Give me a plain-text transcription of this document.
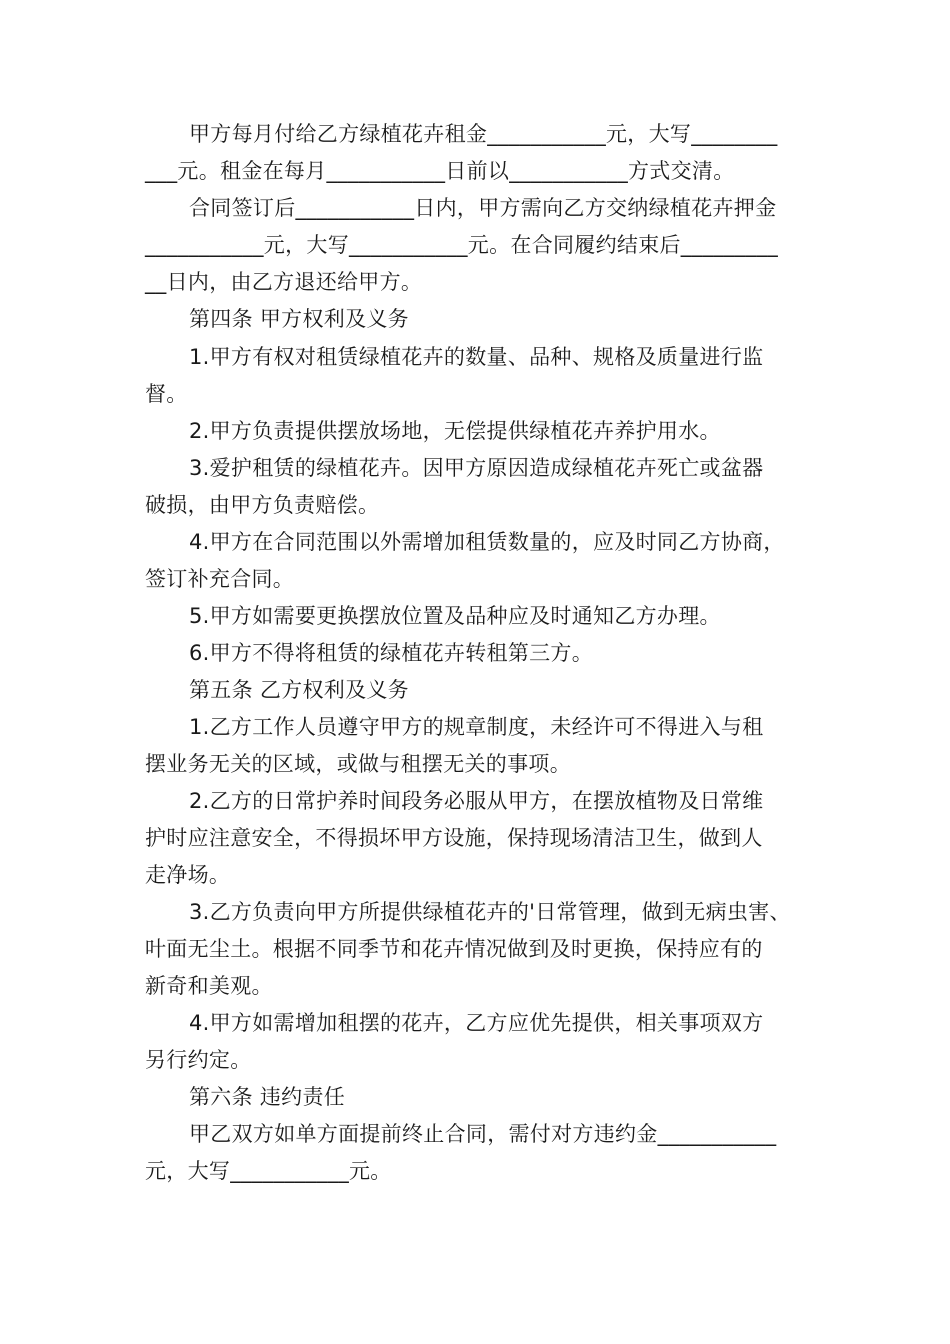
甲方每月付给乙方绿植花卉租金___________元，大写________
___元。租金在每月___________日前以___________方式交清。
合同签订后___________日内，甲方需向乙方交纳绿植花卉押金
___________元，大写___________元。在合同履约结束后_________
__日内，由乙方退还给甲方。
第四条 甲方权利及义务
1.甲方有权对租赁绿植花卉的数量、品种、规格及质量进行监
督。
2.甲方负责提供摆放场地，无偿提供绿植花卉养护用水。
3.爱护租赁的绿植花卉。因甲方原因造成绿植花卉死亡或盆器
破损，由甲方负责赔偿。
4.甲方在合同范围以外需增加租赁数量的，应及时同乙方协商，
签订补充合同。
5.甲方如需要更换摆放位置及品种应及时通知乙方办理。
6.甲方不得将租赁的绿植花卉转租第三方。
第五条 乙方权利及义务
1.乙方工作人员遵守甲方的规章制度，未经许可不得进入与租
摆业务无关的区域，或做与租摆无关的事项。
2.乙方的日常护养时间段务必服从甲方，在摆放植物及日常维
护时应注意安全，不得损坏甲方设施，保持现场清洁卫生，做到人
走净场。
3.乙方负责向甲方所提供绿植花卉的'日常管理，做到无病虫害、
叶面无尘土。根据不同季节和花卉情况做到及时更换，保持应有的
新奇和美观。
4.甲方如需增加租摆的花卉，乙方应优先提供，相关事项双方
另行约定。
第六条 违约责任
甲乙双方如单方面提前终止合同，需付对方违约金___________
元，大写___________元。
